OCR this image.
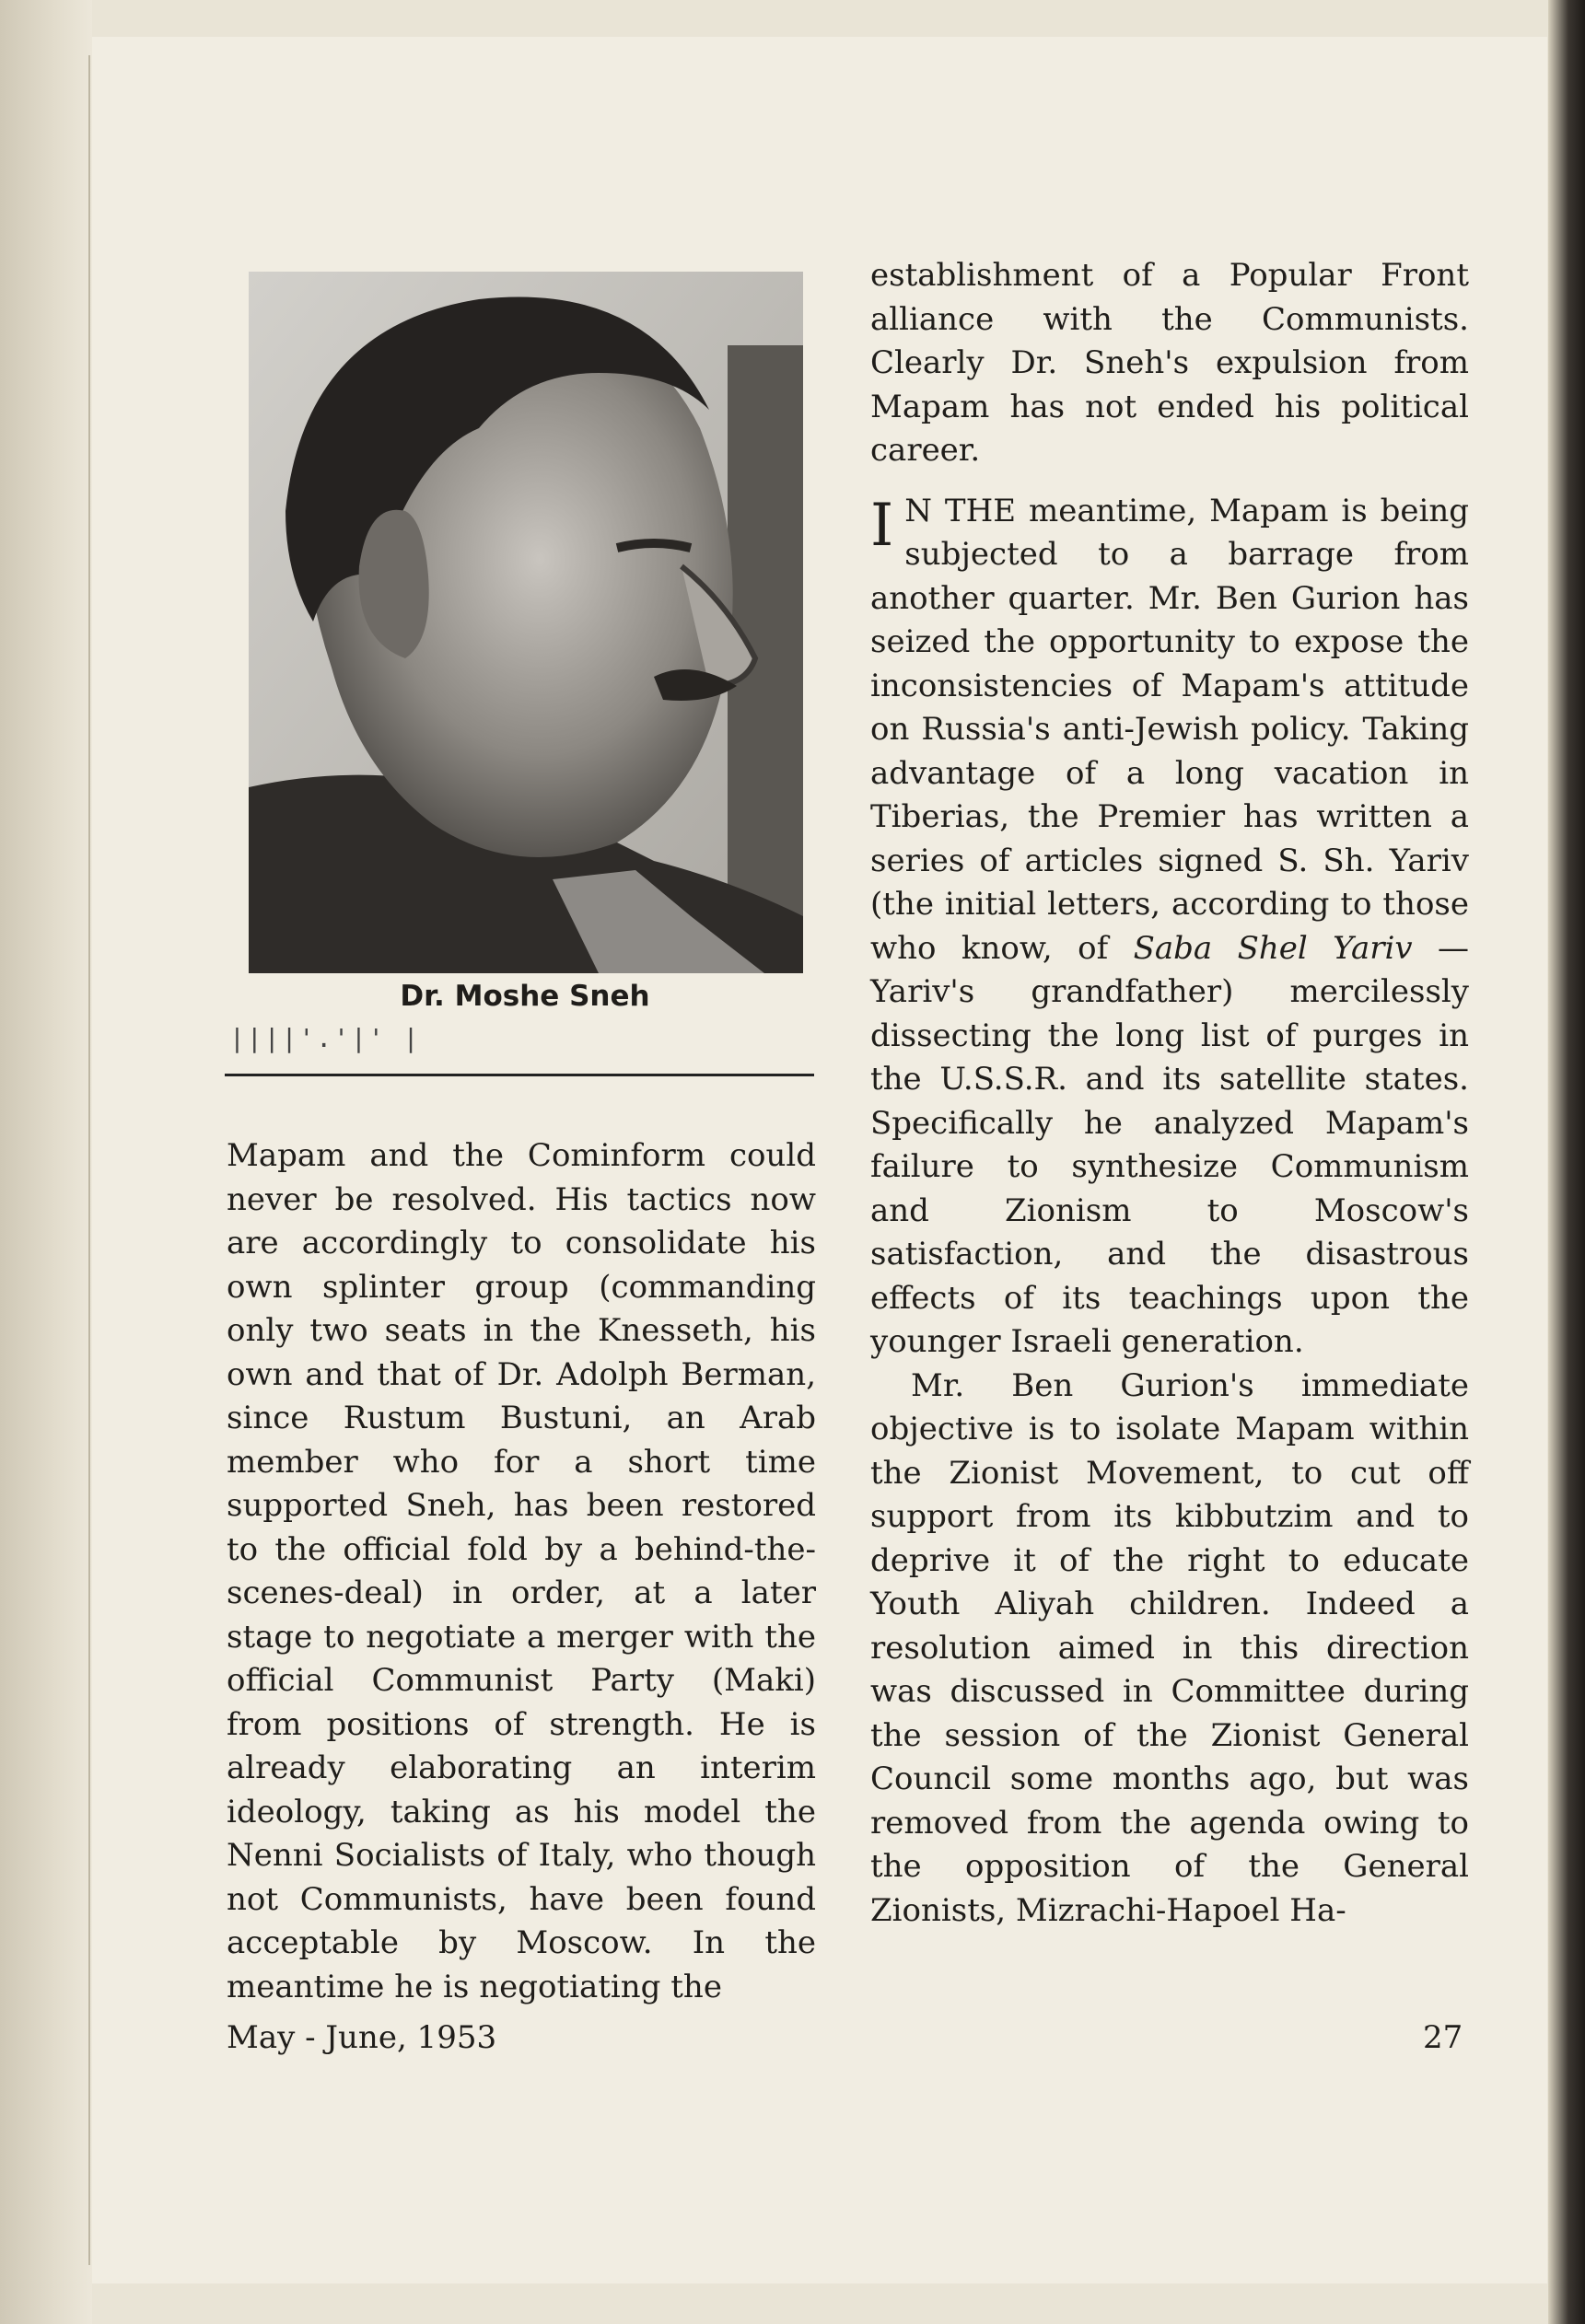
Dr. Moshe Sneh
||||'.'|' |

Mapam and the Cominform could never be resolved. His tactics now are accordingly to consolidate his own splinter group (commanding only two seats in the Knesseth, his own and that of Dr. Adolph Berman, since Rustum Bustuni, an Arab member who for a short time supported Sneh, has been restored to the official fold by a behind-the-scenes-deal) in order, at a later stage to negotiate a merger with the official Communist Party (Maki) from positions of strength. He is already elaborating an interim ideology, taking as his model the Nenni Socialists of Italy, who though not Communists, have been found acceptable by Moscow. In the meantime he is negotiating the

establishment of a Popular Front alliance with the Communists. Clearly Dr. Sneh's expulsion from Mapam has not ended his political career.

I N THE meantime, Mapam is being subjected to a barrage from another quarter. Mr. Ben Gurion has seized the opportunity to expose the inconsistencies of Mapam's attitude on Russia's anti-Jewish policy. Taking advantage of a long vacation in Tiberias, the Premier has written a series of articles signed S. Sh. Yariv (the initial letters, according to those who know, of Saba Shel Yariv — Yariv's grandfather) mercilessly dissecting the long list of purges in the U.S.S.R. and its satellite states. Specifically he analyzed Mapam's failure to synthesize Communism and Zionism to Moscow's satisfaction, and the disastrous effects of its teachings upon the younger Israeli generation.

Mr. Ben Gurion's immediate objective is to isolate Mapam within the Zionist Movement, to cut off support from its kibbutzim and to deprive it of the right to educate Youth Aliyah children. Indeed a resolution aimed in this direction was discussed in Committee during the session of the Zionist General Council some months ago, but was removed from the agenda owing to the opposition of the General Zionists, Mizrachi-Hapoel Ha-

May - June, 1953	27
